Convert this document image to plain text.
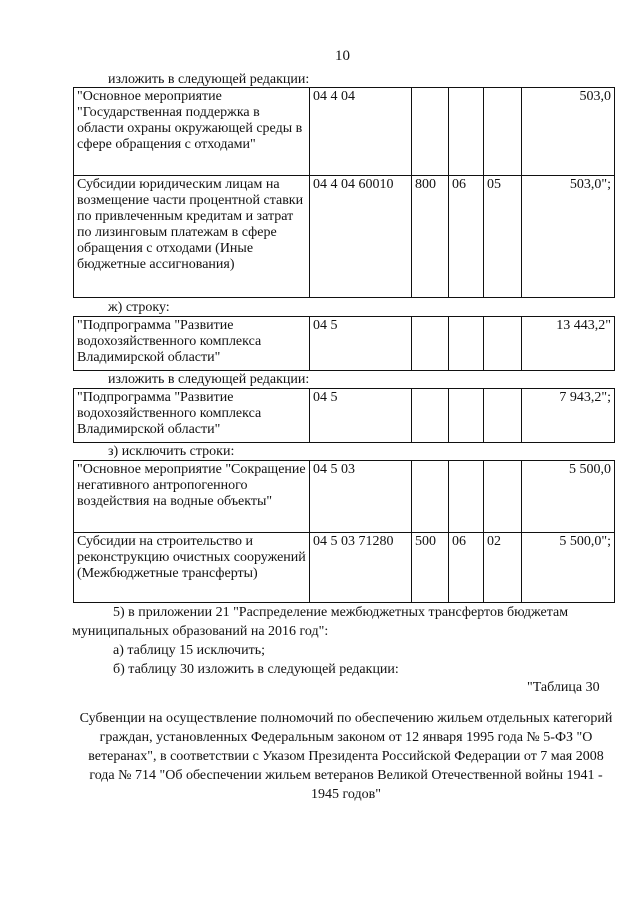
10
изложить в следующей редакции:
"Основное мероприятие "Государственная поддержка в области охраны окружающей среды в сфере обращения с отходами"	04 4 04				503,0
Субсидии юридическим лицам на возмещение части процентной ставки по привлеченным кредитам и затрат по лизинговым платежам в сфере обращения с отходами (Иные бюджетные ассигнования)	04 4 04 60010	800	06	05	503,0";
ж) строку:
"Подпрограмма "Развитие водохозяйственного комплекса Владимирской области"	04 5				13 443,2"
изложить в следующей редакции:
"Подпрограмма "Развитие водохозяйственного комплекса Владимирской области"	04 5				7 943,2";
з) исключить строки:
"Основное мероприятие "Сокращение негативного антропогенного воздействия на водные объекты"	04 5 03				5 500,0
Субсидии на строительство и реконструкцию очистных сооружений (Межбюджетные трансферты)	04 5 03 71280	500	06	02	5 500,0";
5) в приложении 21 "Распределение межбюджетных трансфертов бюджетам
муниципальных образований на 2016 год":
а) таблицу 15 исключить;
б) таблицу 30 изложить в следующей редакции:
"Таблица 30
Субвенции на осуществление полномочий по обеспечению жильем отдельных категорий граждан, установленных Федеральным законом от 12 января 1995 года № 5-ФЗ "О ветеранах", в соответствии с Указом Президента Российской Федерации от 7 мая 2008 года № 714 "Об обеспечении жильем ветеранов Великой Отечественной войны 1941 - 1945 годов"
